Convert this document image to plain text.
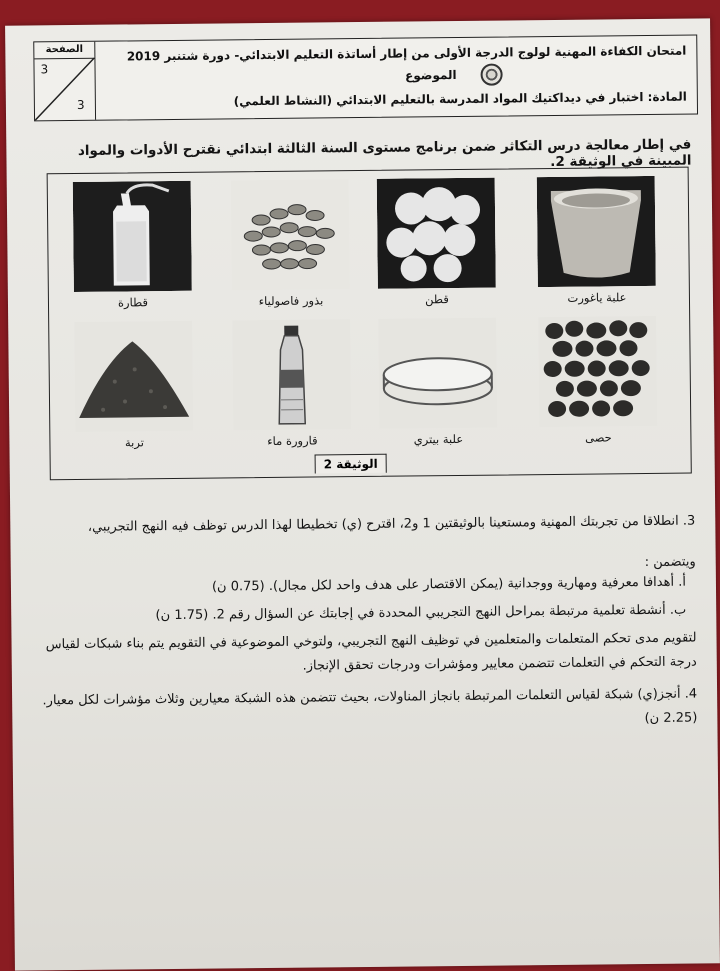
الصفحة
3
3
امتحان الكفاءة المهنية لولوج الدرجة الأولى من إطار أساتذة التعليم الابتدائي- دورة شتنبر 2019
الموضوع
المادة: اختبار في ديداكتيك المواد المدرسة بالتعليم الابتدائي (النشاط العلمي)
في إطار معالجة درس التكاثر ضمن برنامج مستوى السنة الثالثة ابتدائي نقترح الأدوات والمواد المبينة في الوثيقة 2.
قطارة	بذور فاصولياء	قطن	علبة ياغورت
تربة	قارورة ماء	علبة بيتري	حصى
الوثيقة 2
3. انطلاقا من تجربتك المهنية ومستعينا بالوثيقتين 1 و2، اقترح (ي) تخطيطا لهذا الدرس توظف فيه النهج التجريبي،
ويتضمن :
أ. أهدافا معرفية ومهارية ووجدانية (يمكن الاقتصار على هدف واحد لكل مجال). (0.75 ن)
ب. أنشطة تعلمية مرتبطة بمراحل النهج التجريبي المحددة في إجابتك عن السؤال رقم 2. (1.75 ن)
لتقويم مدى تحكم المتعلمات والمتعلمين في توظيف النهج التجريبي، ولتوخي الموضوعية في التقويم يتم بناء شبكات لقياس درجة التحكم في التعلمات تتضمن معايير ومؤشرات ودرجات تحقق الإنجاز.
4. أنجز(ي) شبكة لقياس التعلمات المرتبطة بانجاز المناولات، بحيث تتضمن هذه الشبكة معيارين وثلاث مؤشرات لكل معيار. (2.25 ن)
